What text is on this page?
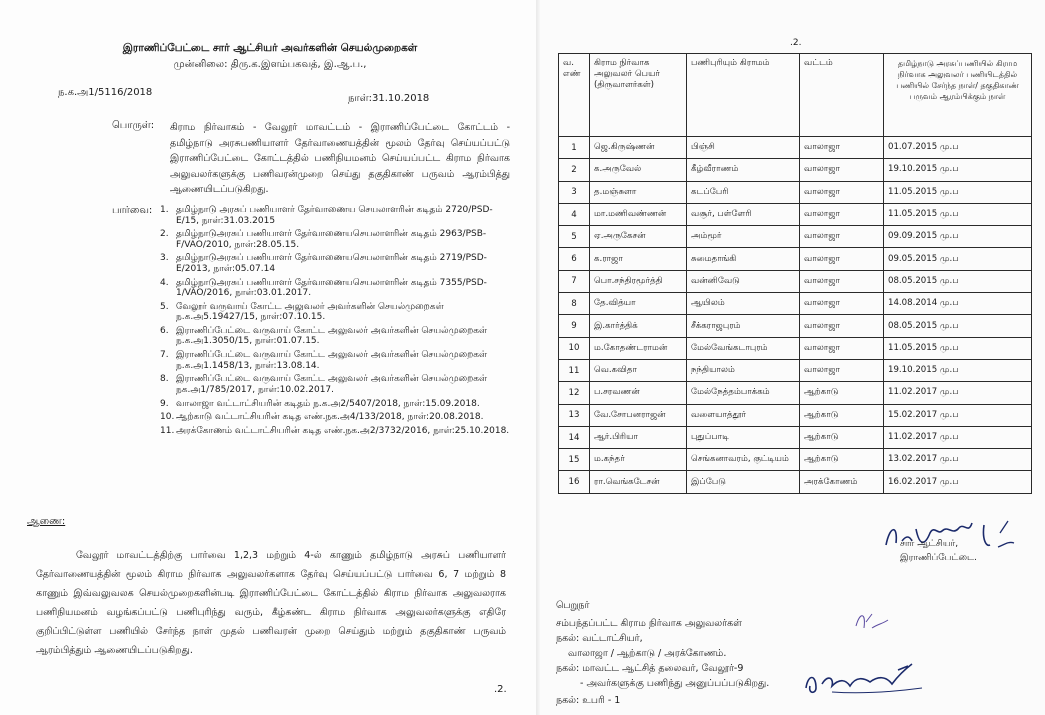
இராணிப்பேட்டை சார் ஆட்சியர் அவர்களின் செயல்முறைகள்
முன்னிலை: திரு.க.இளம்பகவத், இ.ஆ.ப.,
ந.க.அ1/5116/2018
நாள்:31.10.2018
பொருள்: கிராம நிர்வாகம் - வேலூர் மாவட்டம் - இராணிப்பேட்டை கோட்டம் - தமிழ்நாடு அரசுபணியாளர் தேர்வாணையத்தின் மூலம் தேர்வு செய்யப்பட்டு இராணிப்பேட்டை கோட்டத்தில் பணிநியமனம் செய்யப்பட்ட கிராம நிர்வாக அலுவலர்களுக்கு பணிவரன்முறை செய்து தகுதிகாண் பருவம் ஆரம்பித்து ஆணையிடப்படுகிறது.
பார்வை: 1. தமிழ்நாடு அரசுப் பணியாளர் தேர்வாணைய செயலாளரின் கடிதம் 2720/PSD-E/15, நாள்:31.03.2015
2. தமிழ்நாடுஅரசுப் பணியாளர் தேர்வாணையசெயலாளரின் கடிதம் 2963/PSB-F/VAO/2010, நாள்:28.05.15.
3. தமிழ்நாடுஅரசுப் பணியாளர் தேர்வாணையசெயலாளரின் கடிதம் 2719/PSD-E/2013, நாள்:05.07.14
4. தமிழ்நாடுஅரசுப் பணியாளர் தேர்வாணையசெயலாளரின் கடிதம் 7355/PSD-1/VAO/2016, நாள்:03.01.2017.
5. வேலூர் வருவாய் கோட்ட அலுவலர் அவர்களின் செயல்முறைகள் ந.க.அ5.19427/15, நாள்:07.10.15.
6. இராணிப்பேட்டை வருவாய் கோட்ட அலுவலர் அவர்களின் செயல்முறைகள் ந.க.அ1.3050/15, நாள்:01.07.15.
7. இராணிப்பேட்டை வருவாய் கோட்ட அலுவலர் அவர்களின் செயல்முறைகள் ந.க.அ1.1458/13, நாள்:13.08.14.
8. இராணிப்பேட்டை வருவாய் கோட்ட அலுவலர் அவர்களின் செயல்முறைகள் நக.அ1/785/2017, நாள்:10.02.2017.
9. வாலாஜா வட்டாட்சியரின் கடிதம் ந.க.அ2/5407/2018, நாள்:15.09.2018.
10. ஆற்காடு வட்டாட்சியரின் கடித எண்.நக.அ4/133/2018, நாள்:20.08.2018.
11. அரக்கோணம் வட்டாட்சியரின் கடித எண்.நக.அ2/3732/2016, நாள்:25.10.2018.
ஆணை:
வேலூர் மாவட்டத்திற்கு பார்வை 1,2,3 மற்றும் 4-ல் காணும் தமிழ்நாடு அரசுப் பணியாளர் தேர்வாணையத்தின் மூலம் கிராம நிர்வாக அலுவலர்களாக தேர்வு செய்யப்பட்டு பார்வை 6, 7 மற்றும் 8 காணும் இவ்வலுவலக செயல்முறைகளின்படி இராணிப்பேட்டை கோட்டத்தில் கிராம நிர்வாக அலுவலராக பணிநியமனம் வழங்கப்பட்டு பணிபுரிந்து வரும், கீழ்கண்ட கிராம நிர்வாக அலுவலர்களுக்கு எதிரே குறிப்பிட்டுள்ள பணியில் சேர்ந்த நாள் முதல் பணிவரன் முறை செய்தும் மற்றும் தகுதிகாண் பருவம் ஆரம்பித்தும் ஆணையிடப்படுகிறது.
.2.
.2.
வ. எண்	கிராம நிர்வாக அலுவலர் பெயர் (திருவாளர்கள்)	பணிபுரியும் கிராமம்	வட்டம்	தமிழ்நாடு அரசுப்பணியில் கிராம நிர்வாக அலுவலர் பணியிடத்தில் பணியில் சேர்ந்த நாள்/ தகுதிகாண் பருவம் ஆரம்பிக்கும் நாள்
1	ஜெ.கிருஷ்ணன்	பிஞ்சி	வாலாஜா	01.07.2015 மு.ப
2	க.அருவேல்	கீழ்வீராணம்	வாலாஜா	19.10.2015 மு.ப
3	த.மஞ்சுளா	கடப்பேரி	வாலாஜா	11.05.2015 மு.ப
4	மா.மணிவண்ணன்	வசூர், பள்ளேரி	வாலாஜா	11.05.2015 மு.ப
5	ஏ.அருகேசன்	அம்மூர்	வாலாஜா	09.09.2015 மு.ப
6	க.ராஜா	சுமைதாங்கி	வாலாஜா	09.05.2015 மு.ப
7	பொ.சந்திரமூர்த்தி	வன்னிவேடு	வாலாஜா	08.05.2015 மு.ப
8	தே.வித்யா	ஆயிலம்	வாலாஜா	14.08.2014 மு.ப
9	இ.கார்த்திக்	சீக்கராஜபுரம்	வாலாஜா	08.05.2015 மு.ப
10	ம.கோதண்டராமன்	மேல்வேங்கடாபுரம்	வாலாஜா	11.05.2015 மு.ப
11	வெ.கவிதா	நந்தியாலம்	வாலாஜா	19.10.2015 மு.ப
12	ப.சரவணன்	மேல்நேத்தம்பாக்கம்	ஆற்காடு	11.02.2017 மு.ப
13	வே.சோபனராஜன்	வளையாத்தூர்	ஆற்காடு	15.02.2017 மு.ப
14	ஆர்.பிரியா	புதுப்பாடி	ஆற்காடு	11.02.2017 மு.ப
15	ம.கந்தர்	செங்கனாவரம், குட்டியம்	ஆற்காடு	13.02.2017 மு.ப
16	ரா.வெங்கடேசன்	இப்பேடு	அரக்கோணம்	16.02.2017 மு.ப
சார் ஆட்சியர்,
இராணிப்பேட்டை.
பெறுநர்
சம்பந்தப்பட்ட கிராம நிர்வாக அலுவலர்கள்
நகல்: வட்டாட்சியர்,
வாலாஜா / ஆற்காடு / அரக்கோணம்.
நகல்: மாவட்ட ஆட்சித் தலைவர், வேலூர்-9
- அவர்களுக்கு பணிந்து அனுப்பப்படுகிறது.
நகல்: உபரி - 1
